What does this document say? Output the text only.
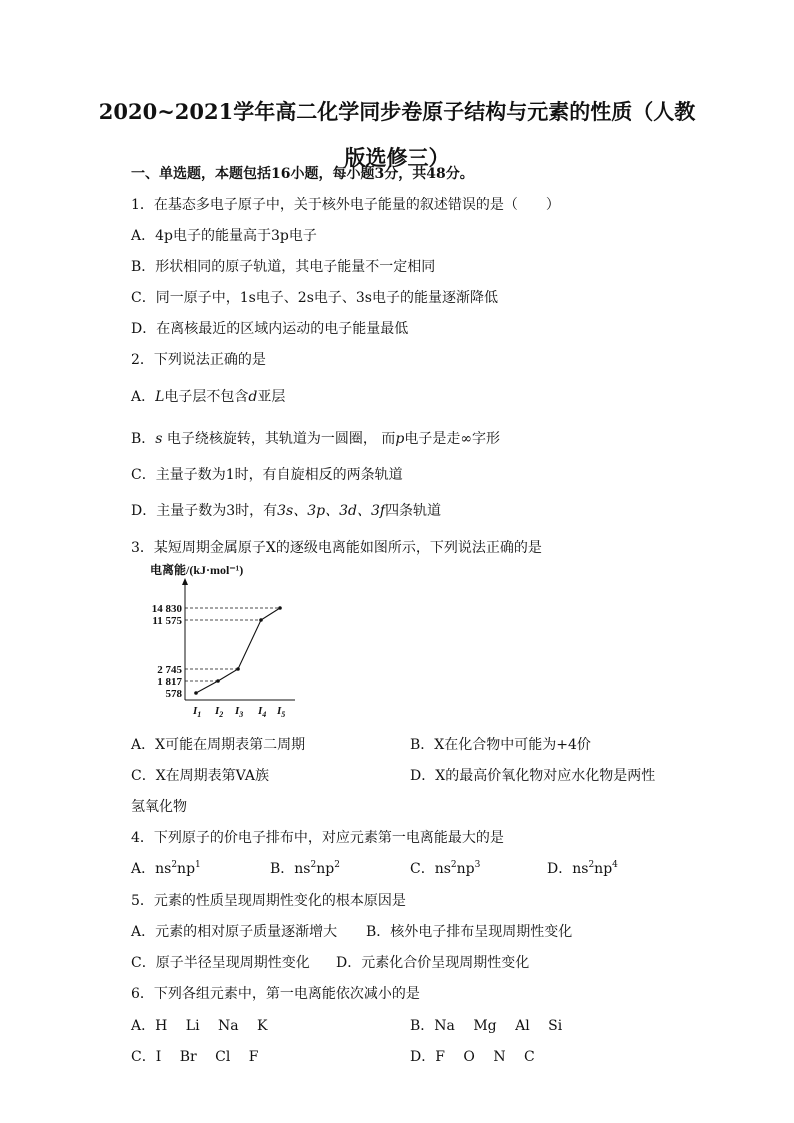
2020~2021学年高二化学同步卷原子结构与元素的性质（人教
版选修三）
一、单选题，本题包括16小题，每小题3分，共48分。
1．在基态多电子原子中，关于核外电子能量的叙述错误的是（　　）
A．4p电子的能量高于3p电子
B．形状相同的原子轨道，其电子能量不一定相同
C．同一原子中，1s电子、2s电子、3s电子的能量逐渐降低
D．在离核最近的区域内运动的电子能量最低
2．下列说法正确的是
A．L电子层不包含d亚层
B．s 电子绕核旋转，其轨道为一圆圈， 而p电子是走∞字形
C．主量子数为1时，有自旋相反的两条轨道
D．主量子数为3时，有3s、3p、3d、3f四条轨道
3．某短周期金属原子X的逐级电离能如图所示，下列说法正确的是
电离能/(kJ·mol⁻¹)
14 830
11 575
2 745
1 817
578
$I_1$ $I_2$ $I_3$ $I_4$ $I_5$
A．X可能在周期表第二周期	B．X在化合物中可能为+4价
C．X在周期表第VA族	D．X的最高价氧化物对应水化物是两性
氢氧化物
4．下列原子的价电子排布中，对应元素第一电离能最大的是
A．$ns^2np^1$	B．$ns^2np^2$	C．$ns^2np^3$	D．$ns^2np^4$
5．元素的性质呈现周期性变化的根本原因是
A．元素的相对原子质量逐渐增大 B．核外电子排布呈现周期性变化
C．原子半径呈现周期性变化 D．元素化合价呈现周期性变化
6．下列各组元素中，第一电离能依次减小的是
A．H　 Li　 Na　 K	B．Na　 Mg　 Al　 Si
C．I　 Br　 Cl　 F	D．F　 O　 N　 C
